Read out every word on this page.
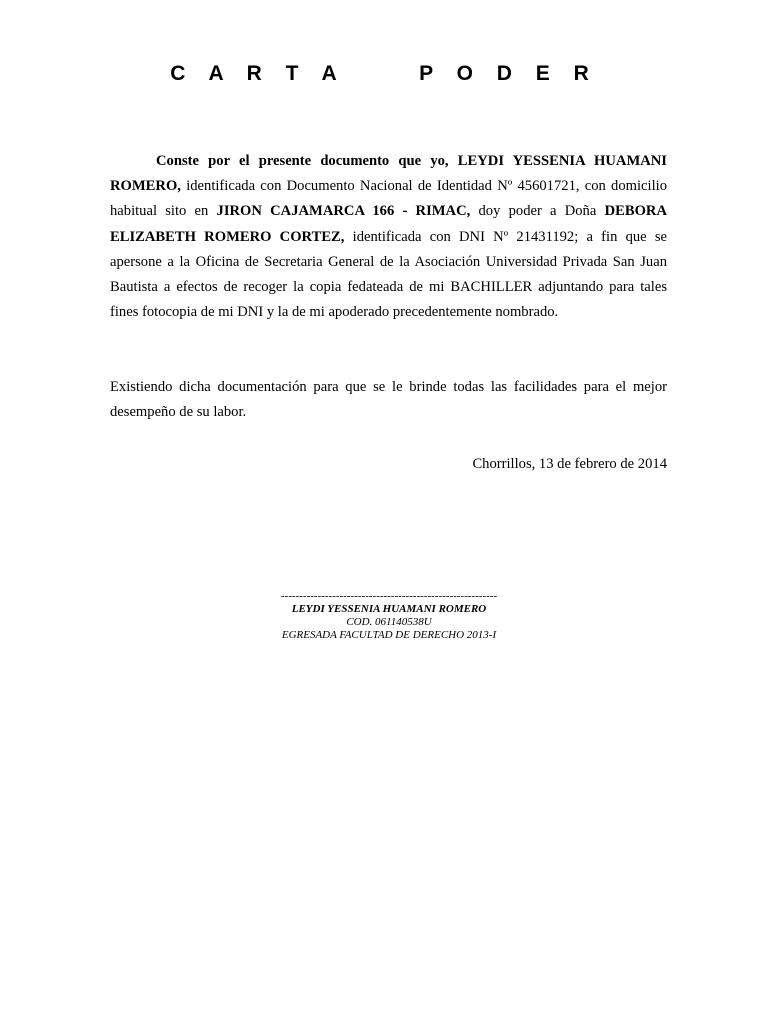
C A R T A     P O D E R
Conste por el presente documento que yo, LEYDI YESSENIA HUAMANI ROMERO, identificada con Documento Nacional de Identidad Nº 45601721, con domicilio habitual sito en JIRON CAJAMARCA 166 - RIMAC, doy poder a Doña DEBORA ELIZABETH ROMERO CORTEZ, identificada con DNI Nº 21431192; a fin que se apersone a la Oficina de Secretaria General de la Asociación Universidad Privada San Juan Bautista a efectos de recoger la copia fedateada de mi BACHILLER adjuntando para tales fines fotocopia de mi DNI y la de mi apoderado precedentemente nombrado.
Existiendo dicha documentación para que se le brinde todas las facilidades para el mejor desempeño de su labor.
Chorrillos, 13 de febrero de 2014
-----------------------------------------------------------
LEYDI YESSENIA HUAMANI ROMERO
COD. 061140538U
EGRESADA FACULTAD DE DERECHO 2013-I
